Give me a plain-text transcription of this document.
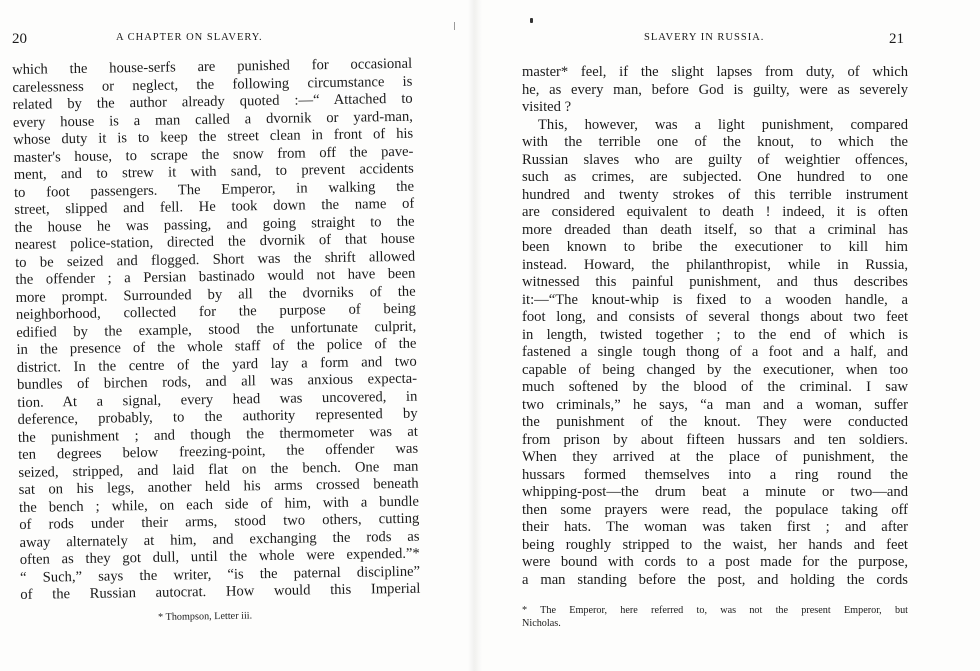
20	A CHAPTER ON SLAVERY.
which the house-serfs are punished for occasional
carelessness or neglect, the following circumstance is
related by the author already quoted :—“ Attached to
every house is a man called a dvornik or yard-man,
whose duty it is to keep the street clean in front of his
master's house, to scrape the snow from off the pave-
ment, and to strew it with sand, to prevent accidents
to foot passengers. The Emperor, in walking the
street, slipped and fell. He took down the name of
the house he was passing, and going straight to the
nearest police-station, directed the dvornik of that house
to be seized and flogged. Short was the shrift allowed
the offender ; a Persian bastinado would not have been
more prompt. Surrounded by all the dvorniks of the
neighborhood, collected for the purpose of being
edified by the example, stood the unfortunate culprit,
in the presence of the whole staff of the police of the
district. In the centre of the yard lay a form and two
bundles of birchen rods, and all was anxious expecta-
tion. At a signal, every head was uncovered, in
deference, probably, to the authority represented by
the punishment ; and though the thermometer was at
ten degrees below freezing-point, the offender was
seized, stripped, and laid flat on the bench. One man
sat on his legs, another held his arms crossed beneath
the bench ; while, on each side of him, with a bundle
of rods under their arms, stood two others, cutting
away alternately at him, and exchanging the rods as
often as they got dull, until the whole were expended.”*
“ Such,” says the writer, “is the paternal discipline”
of the Russian autocrat. How would this Imperial
* Thompson, Letter iii.
SLAVERY IN RUSSIA.	21
master* feel, if the slight lapses from duty, of which
he, as every man, before God is guilty, were as severely
visited ?
This, however, was a light punishment, compared
with the terrible one of the knout, to which the
Russian slaves who are guilty of weightier offences,
such as crimes, are subjected. One hundred to one
hundred and twenty strokes of this terrible instrument
are considered equivalent to death ! indeed, it is often
more dreaded than death itself, so that a criminal has
been known to bribe the executioner to kill him
instead. Howard, the philanthropist, while in Russia,
witnessed this painful punishment, and thus describes
it:—“The knout-whip is fixed to a wooden handle, a
foot long, and consists of several thongs about two feet
in length, twisted together ; to the end of which is
fastened a single tough thong of a foot and a half, and
capable of being changed by the executioner, when too
much softened by the blood of the criminal. I saw
two criminals,” he says, “a man and a woman, suffer
the punishment of the knout. They were conducted
from prison by about fifteen hussars and ten soldiers.
When they arrived at the place of punishment, the
hussars formed themselves into a ring round the
whipping-post—the drum beat a minute or two—and
then some prayers were read, the populace taking off
their hats. The woman was taken first ; and after
being roughly stripped to the waist, her hands and feet
were bound with cords to a post made for the purpose,
a man standing before the post, and holding the cords
* The Emperor, here referred to, was not the present Emperor, but
Nicholas.
